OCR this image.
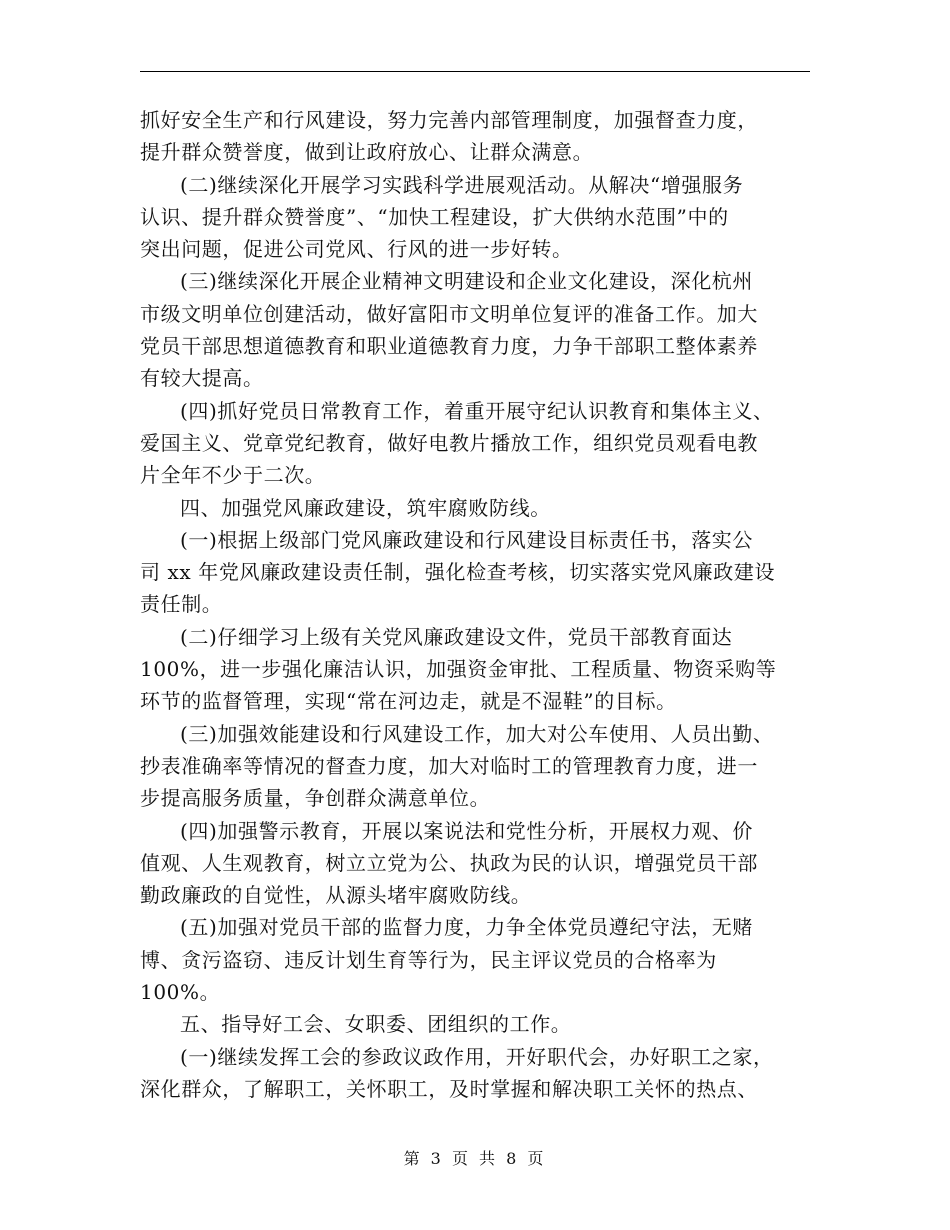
抓好安全生产和行风建设，努力完善内部管理制度，加强督查力度，
提升群众赞誉度，做到让政府放心、让群众满意。
(二)继续深化开展学习实践科学进展观活动。从解决“增强服务
认识、提升群众赞誉度”、“加快工程建设，扩大供纳水范围”中的
突出问题，促进公司党风、行风的进一步好转。
(三)继续深化开展企业精神文明建设和企业文化建设，深化杭州
市级文明单位创建活动，做好富阳市文明单位复评的准备工作。加大
党员干部思想道德教育和职业道德教育力度，力争干部职工整体素养
有较大提高。
(四)抓好党员日常教育工作，着重开展守纪认识教育和集体主义、
爱国主义、党章党纪教育，做好电教片播放工作，组织党员观看电教
片全年不少于二次。
四、加强党风廉政建设，筑牢腐败防线。
(一)根据上级部门党风廉政建设和行风建设目标责任书，落实公
司 xx 年党风廉政建设责任制，强化检查考核，切实落实党风廉政建设
责任制。
(二)仔细学习上级有关党风廉政建设文件，党员干部教育面达
100%，进一步强化廉洁认识，加强资金审批、工程质量、物资采购等
环节的监督管理，实现“常在河边走，就是不湿鞋”的目标。
(三)加强效能建设和行风建设工作，加大对公车使用、人员出勤、
抄表准确率等情况的督查力度，加大对临时工的管理教育力度，进一
步提高服务质量，争创群众满意单位。
(四)加强警示教育，开展以案说法和党性分析，开展权力观、价
值观、人生观教育，树立立党为公、执政为民的认识，增强党员干部
勤政廉政的自觉性，从源头堵牢腐败防线。
(五)加强对党员干部的监督力度，力争全体党员遵纪守法，无赌
博、贪污盗窃、违反计划生育等行为，民主评议党员的合格率为
100%。
五、指导好工会、女职委、团组织的工作。
(一)继续发挥工会的参政议政作用，开好职代会，办好职工之家，
深化群众，了解职工，关怀职工，及时掌握和解决职工关怀的热点、
第 3 页 共 8 页
